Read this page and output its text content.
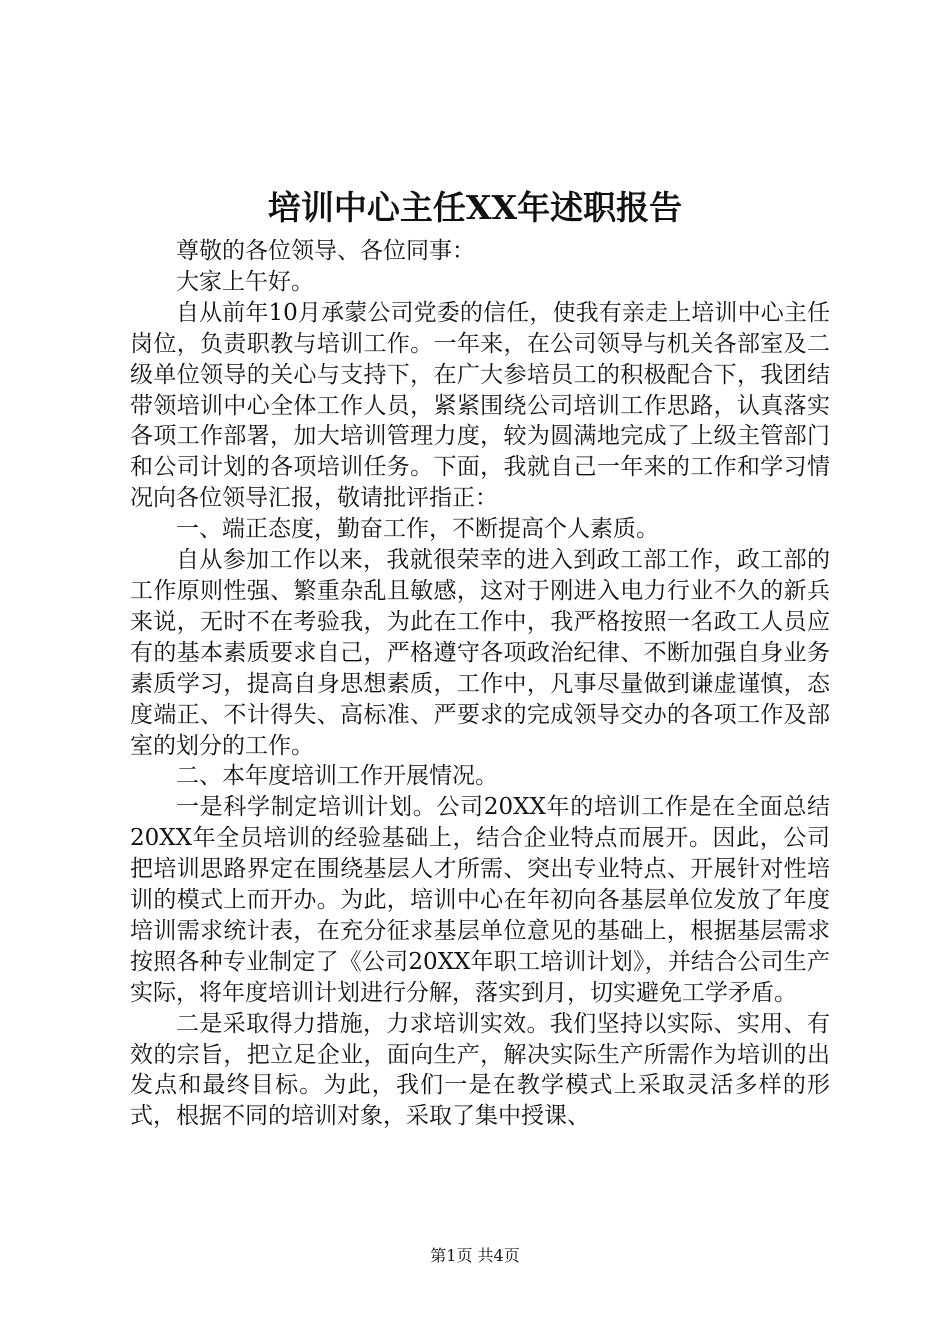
培训中心主任XX年述职报告

尊敬的各位领导、各位同事：

大家上午好。

自从前年10月承蒙公司党委的信任，使我有亲走上培训中心主任岗位，负责职教与培训工作。一年来，在公司领导与机关各部室及二级单位领导的关心与支持下，在广大参培员工的积极配合下，我团结带领培训中心全体工作人员，紧紧围绕公司培训工作思路，认真落实各项工作部署，加大培训管理力度，较为圆满地完成了上级主管部门和公司计划的各项培训任务。下面，我就自己一年来的工作和学习情况向各位领导汇报，敬请批评指正：

一、端正态度，勤奋工作，不断提高个人素质。

自从参加工作以来，我就很荣幸的进入到政工部工作，政工部的工作原则性强、繁重杂乱且敏感，这对于刚进入电力行业不久的新兵来说，无时不在考验我，为此在工作中，我严格按照一名政工人员应有的基本素质要求自己，严格遵守各项政治纪律、不断加强自身业务素质学习，提高自身思想素质，工作中，凡事尽量做到谦虚谨慎，态度端正、不计得失、高标准、严要求的完成领导交办的各项工作及部室的划分的工作。

二、本年度培训工作开展情况。

一是科学制定培训计划。公司20XX年的培训工作是在全面总结20XX年全员培训的经验基础上，结合企业特点而展开。因此，公司把培训思路界定在围绕基层人才所需、突出专业特点、开展针对性培训的模式上而开办。为此，培训中心在年初向各基层单位发放了年度培训需求统计表，在充分征求基层单位意见的基础上，根据基层需求按照各种专业制定了《公司20XX年职工培训计划》，并结合公司生产实际，将年度培训计划进行分解，落实到月，切实避免工学矛盾。

二是采取得力措施，力求培训实效。我们坚持以实际、实用、有效的宗旨，把立足企业，面向生产，解决实际生产所需作为培训的出发点和最终目标。为此，我们一是在教学模式上采取灵活多样的形式，根据不同的培训对象，采取了集中授课、

第1页 共4页
